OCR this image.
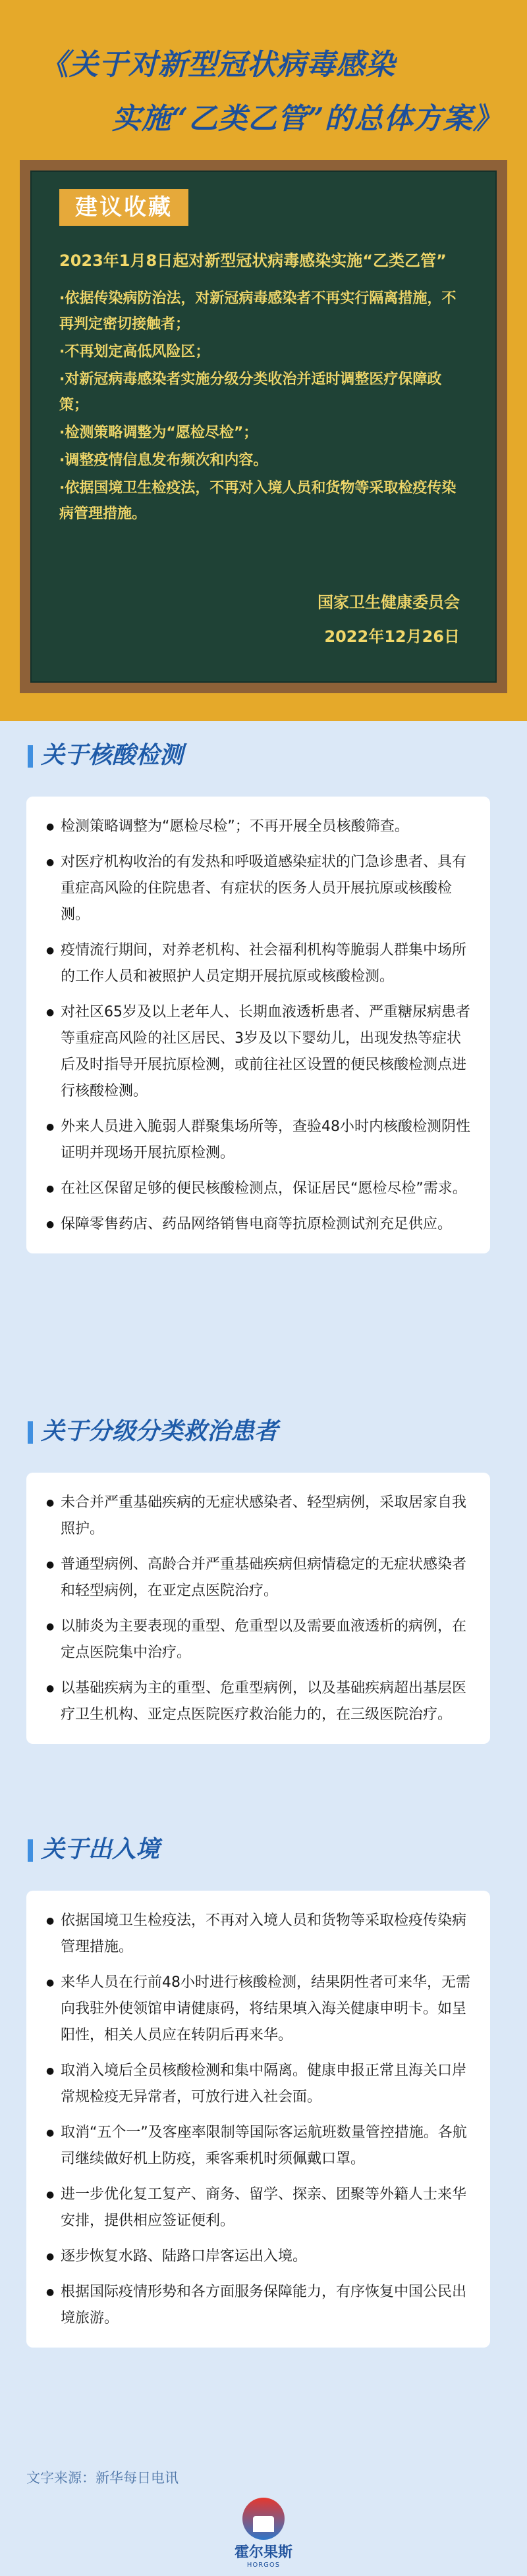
《关于对新型冠状病毒感染
实施“乙类乙管”的总体方案》
建议收藏

2023年1月8日起对新型冠状病毒感染实施“乙类乙管”

·依据传染病防治法，对新冠病毒感染者不再实行隔离措施，不再判定密切接触者；

·不再划定高低风险区；

·对新冠病毒感染者实施分级分类收治并适时调整医疗保障政策；

·检测策略调整为“愿检尽检”；

·调整疫情信息发布频次和内容。

·依据国境卫生检疫法，不再对入境人员和货物等采取检疫传染病管理措施。

国家卫生健康委员会
2022年12月26日
关于核酸检测
● 检测策略调整为“愿检尽检”；不再开展全员核酸筛查。
● 对医疗机构收治的有发热和呼吸道感染症状的门急诊患者、具有重症高风险的住院患者、有症状的医务人员开展抗原或核酸检测。
● 疫情流行期间，对养老机构、社会福利机构等脆弱人群集中场所的工作人员和被照护人员定期开展抗原或核酸检测。
● 对社区65岁及以上老年人、长期血液透析患者、严重糖尿病患者等重症高风险的社区居民、3岁及以下婴幼儿，出现发热等症状后及时指导开展抗原检测，或前往社区设置的便民核酸检测点进行核酸检测。
● 外来人员进入脆弱人群聚集场所等，查验48小时内核酸检测阴性证明并现场开展抗原检测。
● 在社区保留足够的便民核酸检测点，保证居民“愿检尽检”需求。
● 保障零售药店、药品网络销售电商等抗原检测试剂充足供应。
关于分级分类救治患者
● 未合并严重基础疾病的无症状感染者、轻型病例，采取居家自我照护。
● 普通型病例、高龄合并严重基础疾病但病情稳定的无症状感染者和轻型病例，在亚定点医院治疗。
● 以肺炎为主要表现的重型、危重型以及需要血液透析的病例，在定点医院集中治疗。
● 以基础疾病为主的重型、危重型病例，以及基础疾病超出基层医疗卫生机构、亚定点医院医疗救治能力的，在三级医院治疗。
关于出入境
● 依据国境卫生检疫法，不再对入境人员和货物等采取检疫传染病管理措施。
● 来华人员在行前48小时进行核酸检测，结果阴性者可来华，无需向我驻外使领馆申请健康码，将结果填入海关健康申明卡。如呈阳性，相关人员应在转阴后再来华。
● 取消入境后全员核酸检测和集中隔离。健康申报正常且海关口岸常规检疫无异常者，可放行进入社会面。
● 取消“五个一”及客座率限制等国际客运航班数量管控措施。各航司继续做好机上防疫，乘客乘机时须佩戴口罩。
● 进一步优化复工复产、商务、留学、探亲、团聚等外籍人士来华安排，提供相应签证便利。
● 逐步恢复水路、陆路口岸客运出入境。
● 根据国际疫情形势和各方面服务保障能力，有序恢复中国公民出境旅游。
文字来源：新华每日电讯
霍尔果斯
HORGOS
